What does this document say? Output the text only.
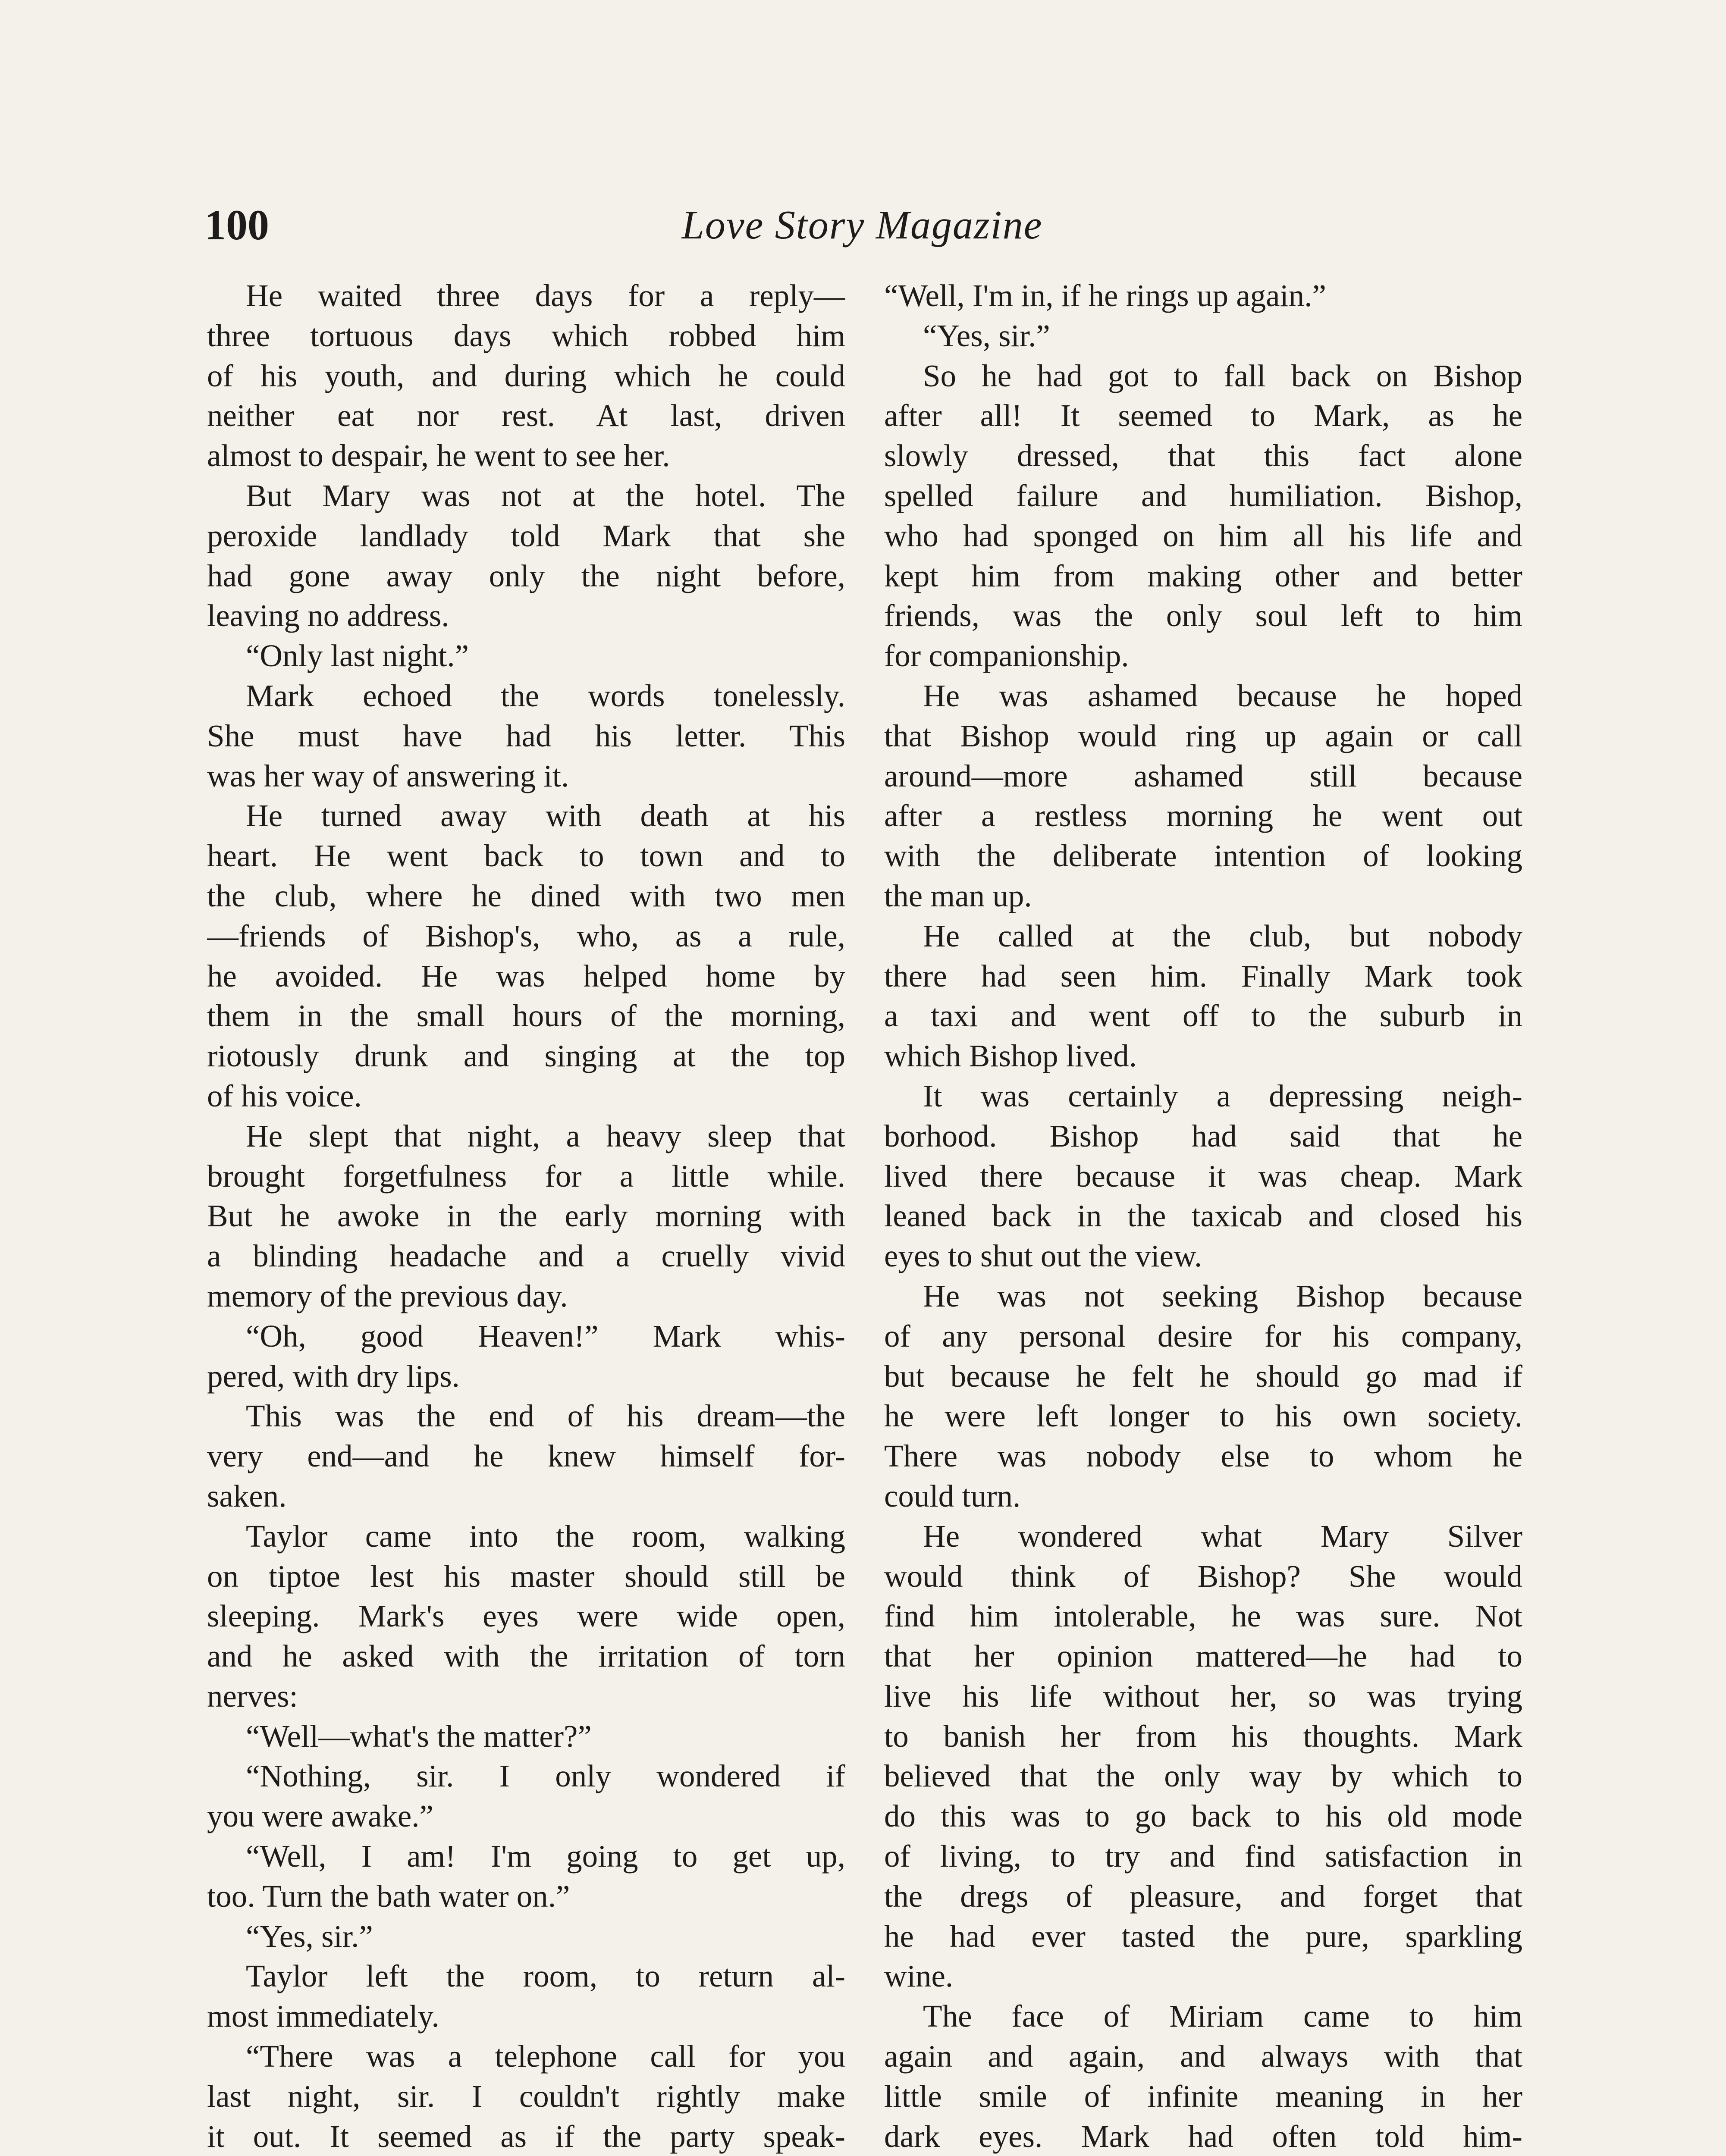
100	Love Story Magazine
He waited three days for a reply—
three tortuous days which robbed him
of his youth, and during which he could
neither eat nor rest. At last, driven
almost to despair, he went to see her.
But Mary was not at the hotel. The
peroxide landlady told Mark that she
had gone away only the night before,
leaving no address.
“Only last night.”
Mark echoed the words tonelessly.
She must have had his letter. This
was her way of answering it.
He turned away with death at his
heart. He went back to town and to
the club, where he dined with two men
—friends of Bishop's, who, as a rule,
he avoided. He was helped home by
them in the small hours of the morning,
riotously drunk and singing at the top
of his voice.
He slept that night, a heavy sleep that
brought forgetfulness for a little while.
But he awoke in the early morning with
a blinding headache and a cruelly vivid
memory of the previous day.
“Oh, good Heaven!” Mark whis-
pered, with dry lips.
This was the end of his dream—the
very end—and he knew himself for-
saken.
Taylor came into the room, walking
on tiptoe lest his master should still be
sleeping. Mark's eyes were wide open,
and he asked with the irritation of torn
nerves:
“Well—what's the matter?”
“Nothing, sir. I only wondered if
you were awake.”
“Well, I am! I'm going to get up,
too. Turn the bath water on.”
“Yes, sir.”
Taylor left the room, to return al-
most immediately.
“There was a telephone call for you
last night, sir. I couldn't rightly make
it out. It seemed as if the party speak-
“Well, I'm in, if he rings up again.”
“Yes, sir.”
So he had got to fall back on Bishop
after all! It seemed to Mark, as he
slowly dressed, that this fact alone
spelled failure and humiliation. Bishop,
who had sponged on him all his life and
kept him from making other and better
friends, was the only soul left to him
for companionship.
He was ashamed because he hoped
that Bishop would ring up again or call
around—more ashamed still because
after a restless morning he went out
with the deliberate intention of looking
the man up.
He called at the club, but nobody
there had seen him. Finally Mark took
a taxi and went off to the suburb in
which Bishop lived.
It was certainly a depressing neigh-
borhood. Bishop had said that he
lived there because it was cheap. Mark
leaned back in the taxicab and closed his
eyes to shut out the view.
He was not seeking Bishop because
of any personal desire for his company,
but because he felt he should go mad if
he were left longer to his own society.
There was nobody else to whom he
could turn.
He wondered what Mary Silver
would think of Bishop? She would
find him intolerable, he was sure. Not
that her opinion mattered—he had to
live his life without her, so was trying
to banish her from his thoughts. Mark
believed that the only way by which to
do this was to go back to his old mode
of living, to try and find satisfaction in
the dregs of pleasure, and forget that
he had ever tasted the pure, sparkling
wine.
The face of Miriam came to him
again and again, and always with that
little smile of infinite meaning in her
dark eyes. Mark had often told him-
